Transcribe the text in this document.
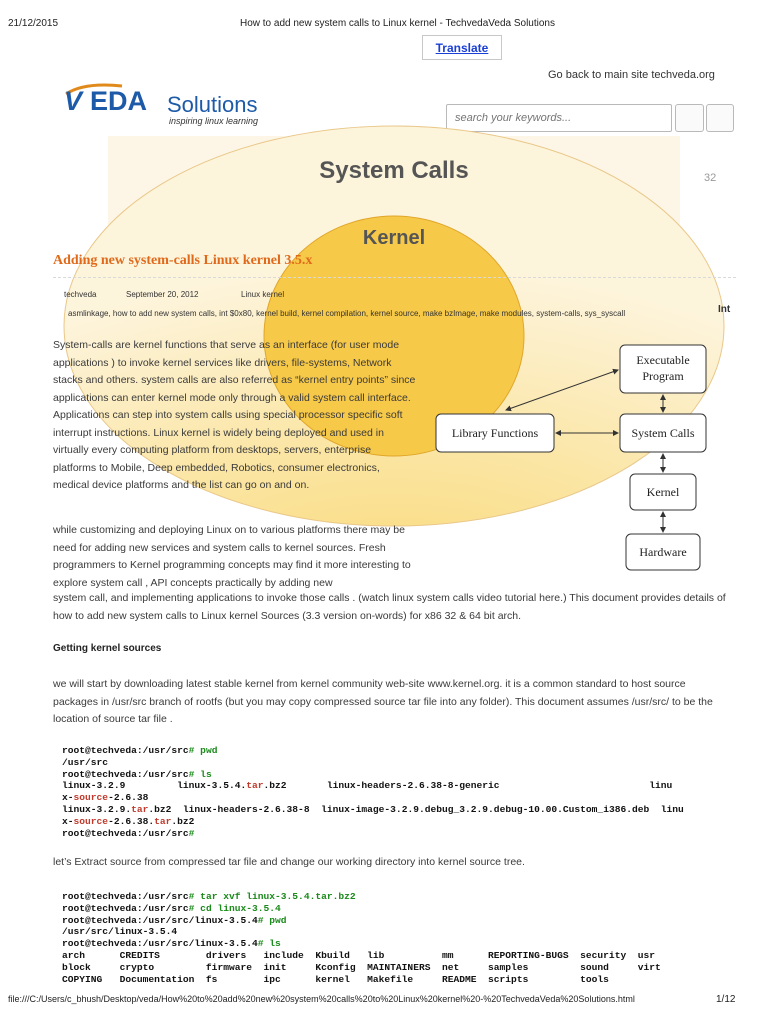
21/12/2015	How to add new system calls to Linux kernel - TechvedaVeda Solutions
Translate
Go back to main site techveda.org
V EDA Solutions
inspiring linux learning
search your keywords...
System Calls
Kernel
32
Adding new system-calls Linux kernel 3.5.x
techveda	September 20, 2012	Linux kernel
asmlinkage, how to add new system calls, int $0x80, kernel build, kernel compilation, kernel source, make bzImage, make modules, system-calls, sys_syscall	Int
System-calls are kernel functions that serve as an interface (for user mode applications ) to invoke kernel services like drivers, file-systems, Network stacks and others. system calls are also referred as “kernel entry points” since applications can enter kernel mode only through a valid system call interface. Applications can step into system calls using special processor specific soft interrupt instructions. Linux kernel is widely being deployed and used in virtually every computing platform from desktops, servers, enterprise platforms to Mobile, Deep embedded, Robotics, consumer electronics, medical device platforms and the list can go on and on.
Executable
Program
Library Functions	System Calls
Kernel
Hardware
while customizing and deploying Linux on to various platforms there may be need for adding new services and system calls to kernel sources. Fresh programmers to Kernel programming concepts may find it more interesting to explore system call , API concepts practically by adding new
system call, and implementing applications to invoke those calls . (watch linux system calls video tutorial here.) This document provides details of how to add new system calls to Linux kernel Sources (3.3 version on-words) for x86 32 & 64 bit arch.
Getting kernel sources
we will start by downloading latest stable kernel from kernel community web-site www.kernel.org. it is a common standard to host source packages in /usr/src branch of rootfs (but you may copy compressed source tar file into any folder). This document assumes /usr/src/ to be the location of source tar file .
root@techveda:/usr/src# pwd
/usr/src
root@techveda:/usr/src# ls
linux-3.2.9         linux-3.5.4.tar.bz2       linux-headers-2.6.38-8-generic                          linu
x-source-2.6.38
linux-3.2.9.tar.bz2  linux-headers-2.6.38-8  linux-image-3.2.9.debug_3.2.9.debug-10.00.Custom_i386.deb  linu
x-source-2.6.38.tar.bz2
root@techveda:/usr/src#
let’s Extract source from compressed tar file and change our working directory into kernel source tree.
root@techveda:/usr/src# tar xvf linux-3.5.4.tar.bz2
root@techveda:/usr/src# cd linux-3.5.4
root@techveda:/usr/src/linux-3.5.4# pwd
/usr/src/linux-3.5.4
root@techveda:/usr/src/linux-3.5.4# ls
arch      CREDITS        drivers   include  Kbuild   lib          mm      REPORTING-BUGS  security  usr
block     crypto         firmware  init     Kconfig  MAINTAINERS  net     samples         sound     virt
COPYING   Documentation  fs        ipc      kernel   Makefile     README  scripts         tools
file:///C:/Users/c_bhush/Desktop/veda/How%20to%20add%20new%20system%20calls%20to%20Linux%20kernel%20-%20TechvedaVeda%20Solutions.html	1/12
